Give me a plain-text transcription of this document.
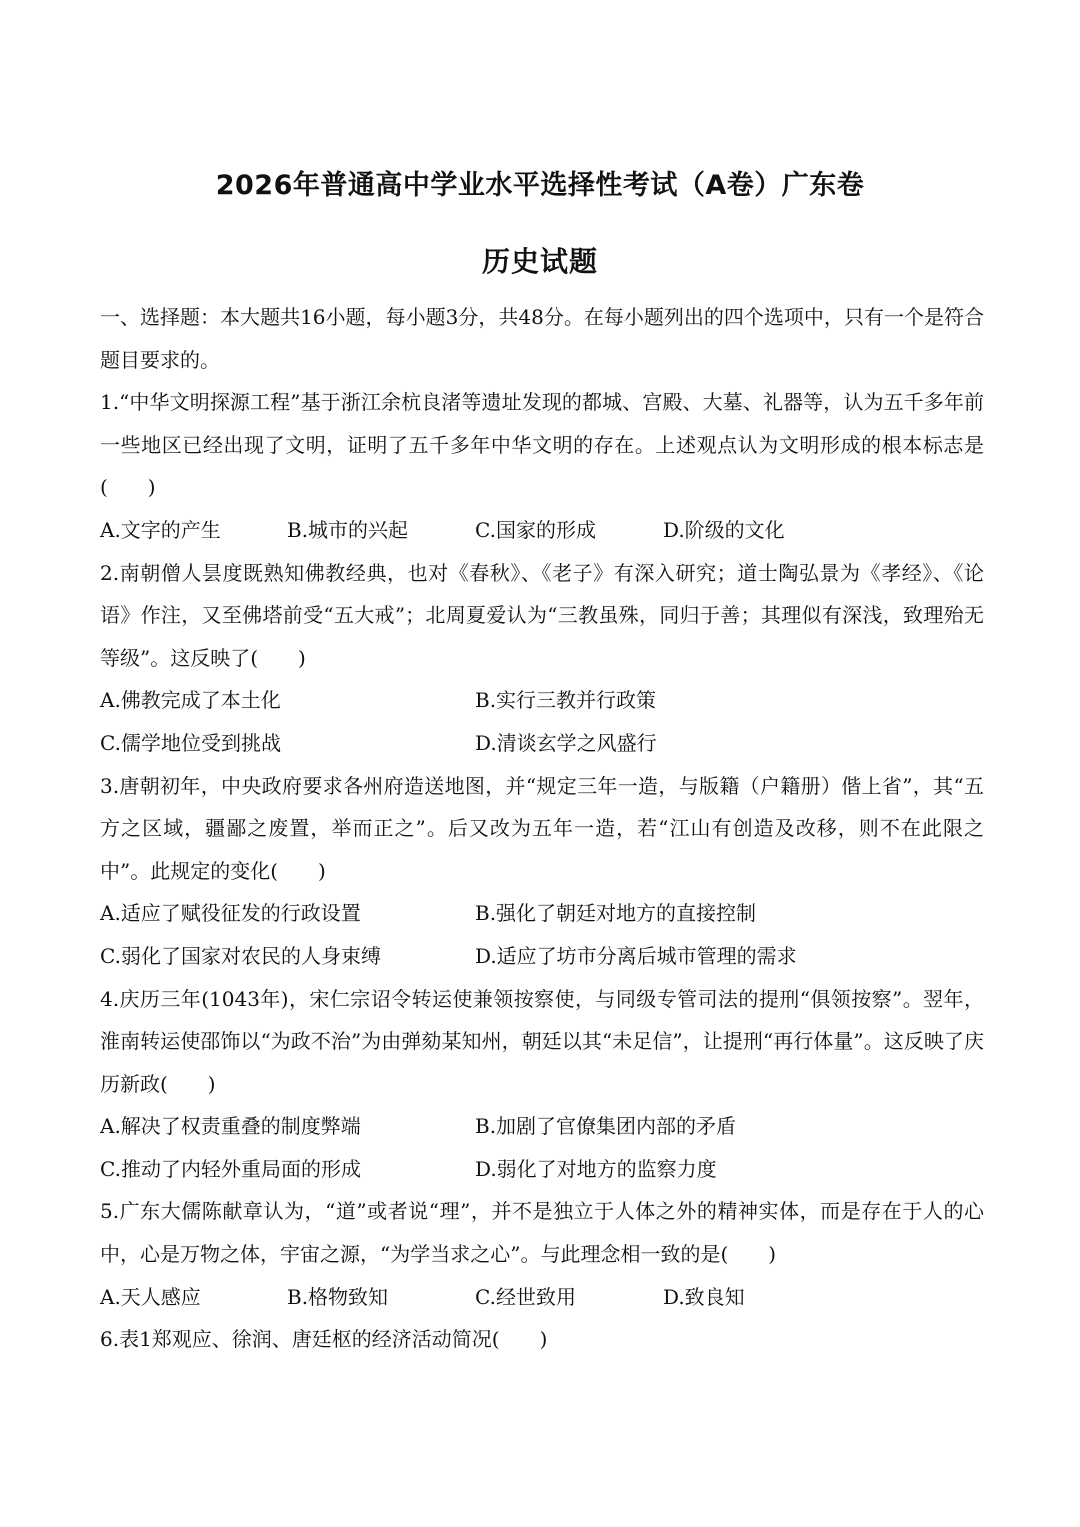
2026年普通高中学业水平选择性考试（A卷）广东卷
历史试题

一、选择题：本大题共16小题，每小题3分，共48分。在每小题列出的四个选项中，只有一个是符合题目要求的。

1.“中华文明探源工程”基于浙江余杭良渚等遗址发现的都城、宫殿、大墓、礼器等，认为五千多年前一些地区已经出现了文明，证明了五千多年中华文明的存在。上述观点认为文明形成的根本标志是(　　)

A.文字的产生	B.城市的兴起	C.国家的形成	D.阶级的文化

2.南朝僧人昙度既熟知佛教经典，也对《春秋》、《老子》有深入研究；道士陶弘景为《孝经》、《论语》作注，又至佛塔前受“五大戒”；北周夏爱认为“三教虽殊，同归于善；其理似有深浅，致理殆无等级”。这反映了(　　)

A.佛教完成了本土化	B.实行三教并行政策
C.儒学地位受到挑战	D.清谈玄学之风盛行

3.唐朝初年，中央政府要求各州府造送地图，并“规定三年一造，与版籍（户籍册）偕上省”，其“五方之区域，疆鄙之废置，举而正之”。后又改为五年一造，若“江山有创造及改移，则不在此限之中”。此规定的变化(　　)

A.适应了赋役征发的行政设置	B.强化了朝廷对地方的直接控制
C.弱化了国家对农民的人身束缚	D.适应了坊市分离后城市管理的需求

4.庆历三年(1043年)，宋仁宗诏令转运使兼领按察使，与同级专管司法的提刑“俱领按察”。翌年，淮南转运使邵饰以“为政不治”为由弹劾某知州，朝廷以其“未足信”，让提刑“再行体量”。这反映了庆历新政(　　)

A.解决了权责重叠的制度弊端	B.加剧了官僚集团内部的矛盾
C.推动了内轻外重局面的形成	D.弱化了对地方的监察力度

5.广东大儒陈献章认为，“道”或者说“理”，并不是独立于人体之外的精神实体，而是存在于人的心中，心是万物之体，宇宙之源，“为学当求之心”。与此理念相一致的是(　　)

A.天人感应	B.格物致知	C.经世致用	D.致良知

6.表1郑观应、徐润、唐廷枢的经济活动简况(　　)
